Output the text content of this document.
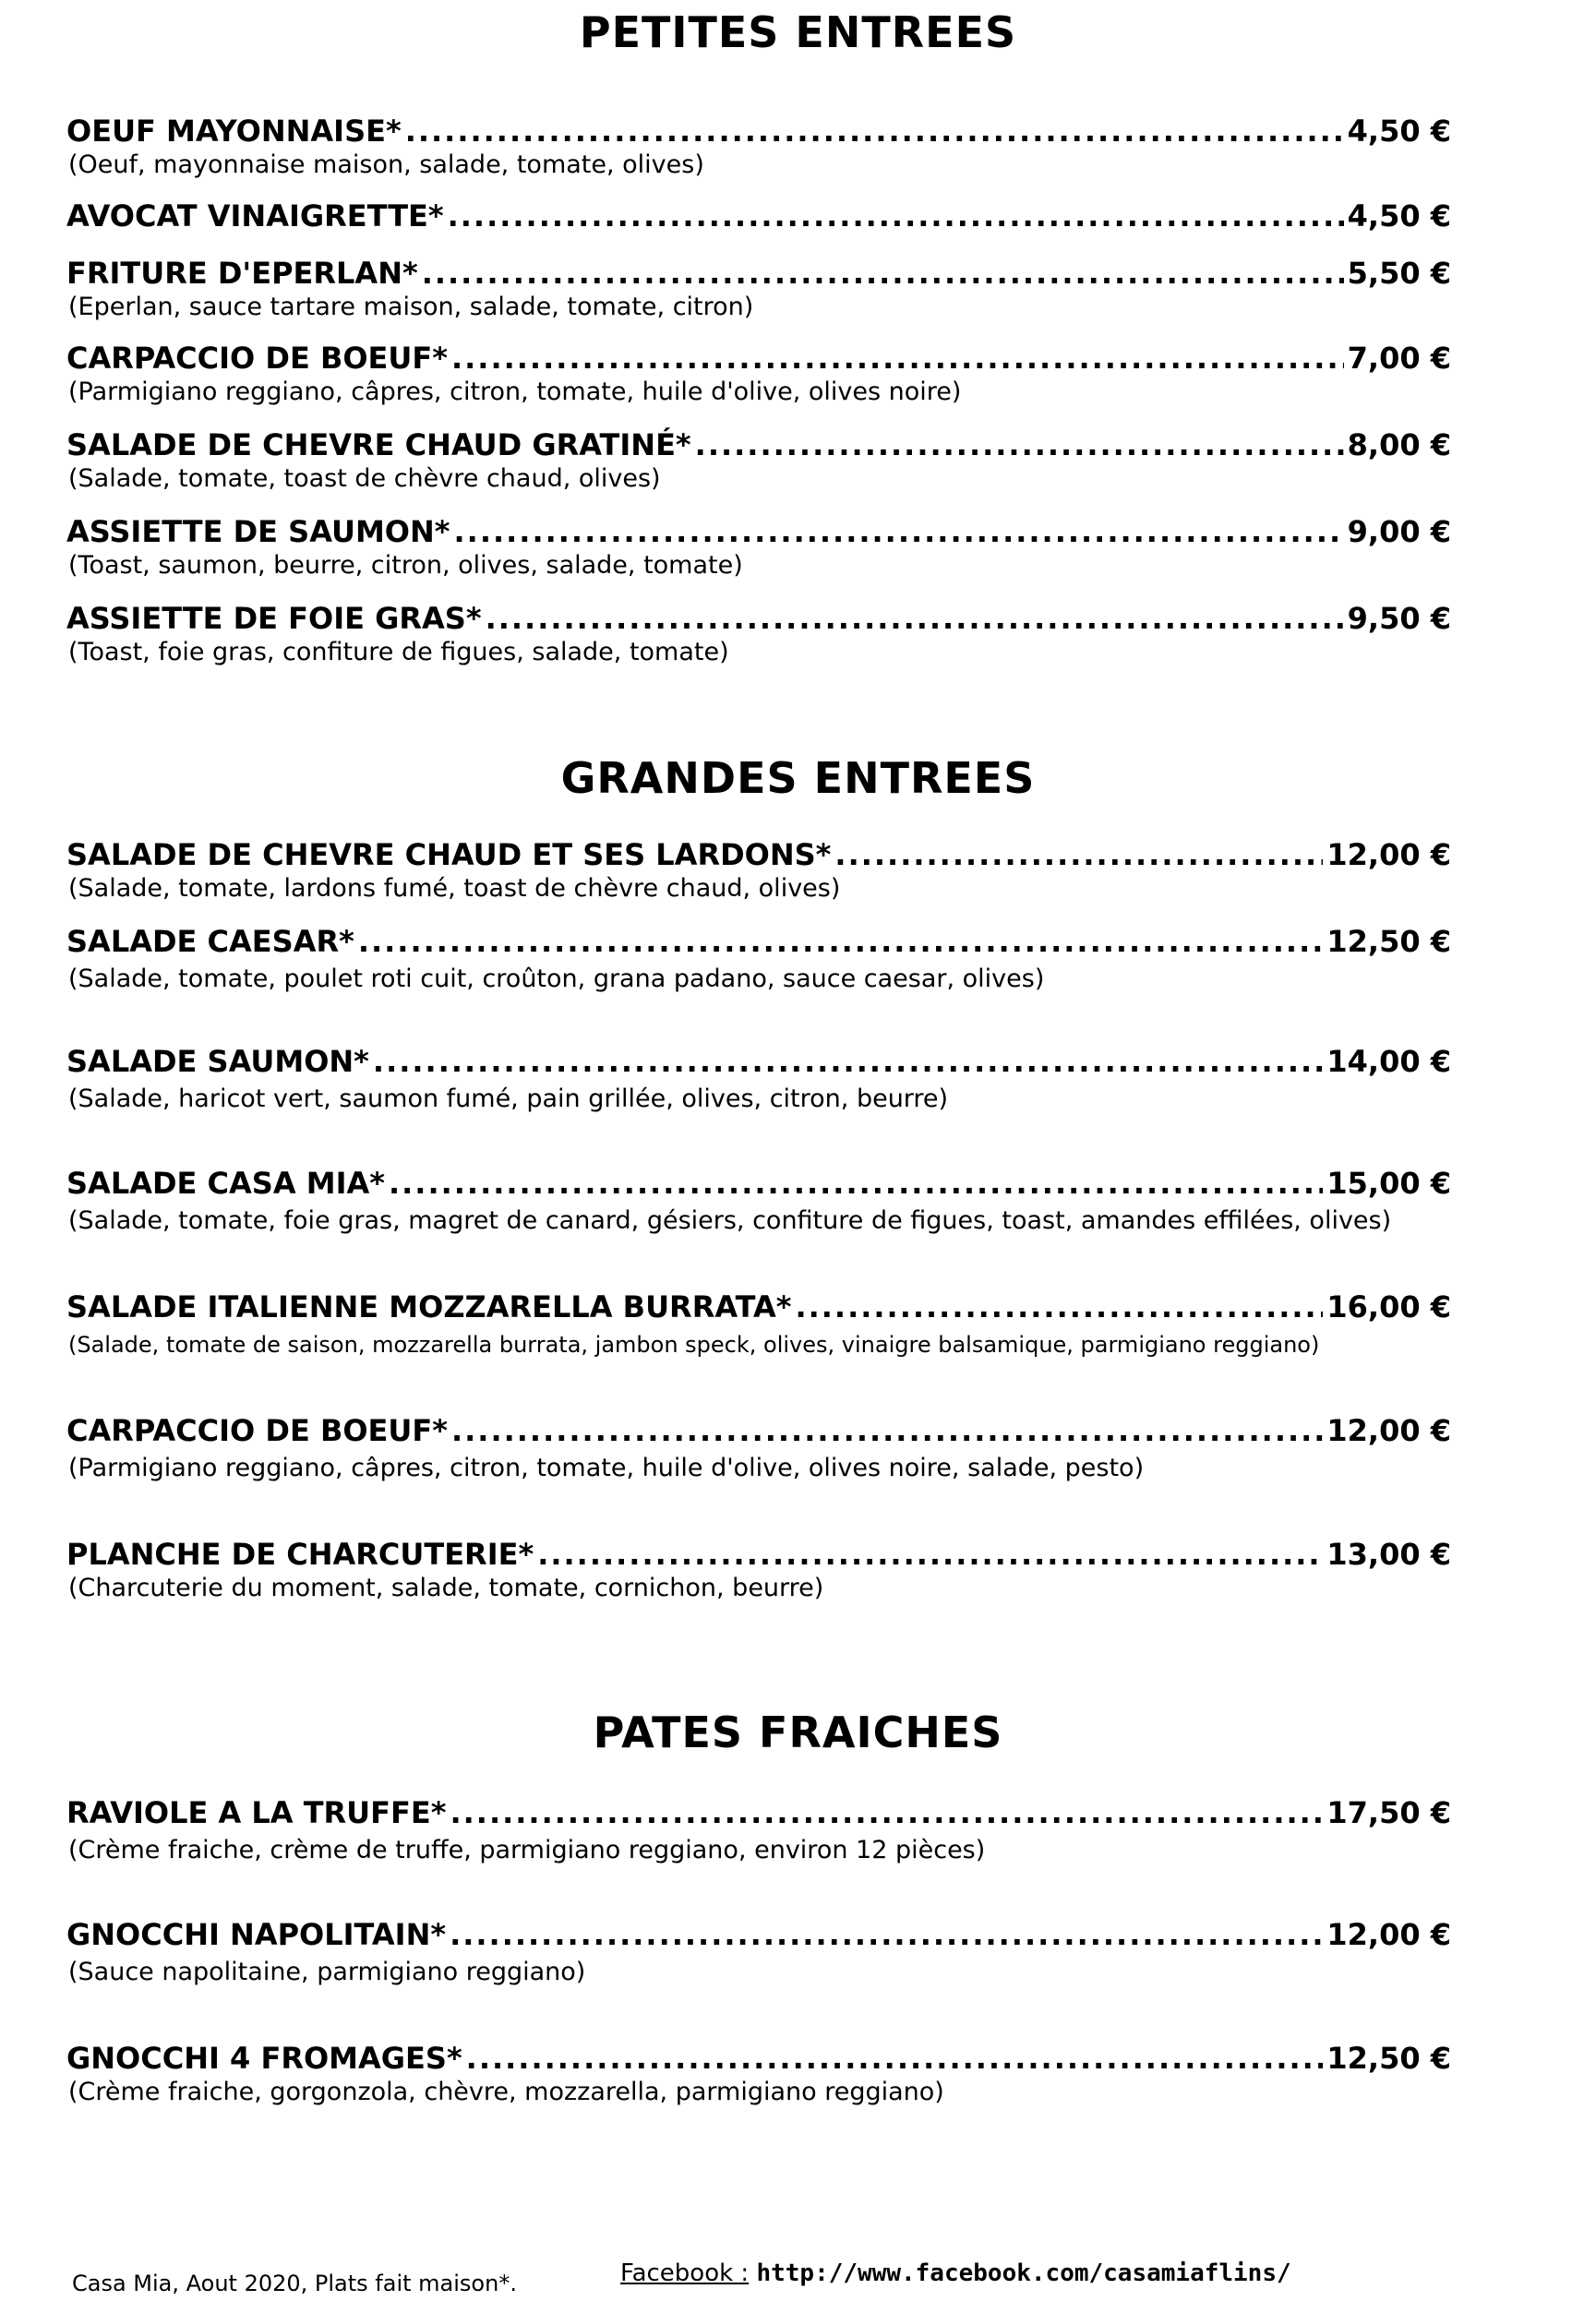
PETITES ENTREES
OEUF MAYONNAISE* .....	4,50 €
(Oeuf, mayonnaise maison, salade, tomate, olives)
AVOCAT VINAIGRETTE* .....	4,50 €
FRITURE D'EPERLAN* .....	5,50 €
(Eperlan, sauce tartare maison, salade, tomate, citron)
CARPACCIO DE BOEUF* .....	7,00 €
(Parmigiano reggiano, câpres, citron, tomate, huile d'olive, olives noire)
SALADE DE CHEVRE CHAUD GRATINÉ* .....	8,00 €
(Salade, tomate, toast de chèvre chaud, olives)
ASSIETTE DE SAUMON* .....	9,00 €
(Toast, saumon, beurre, citron, olives, salade, tomate)
ASSIETTE DE FOIE GRAS* .....	9,50 €
(Toast, foie gras, confiture de figues, salade, tomate)
GRANDES ENTREES
SALADE DE CHEVRE CHAUD ET SES LARDONS* .....	12,00 €
(Salade, tomate, lardons fumé, toast de chèvre chaud, olives)
SALADE CAESAR* .....	12,50 €
(Salade, tomate, poulet roti cuit, croûton, grana padano, sauce caesar, olives)
SALADE SAUMON* .....	14,00 €
(Salade, haricot vert, saumon fumé, pain grillée, olives, citron, beurre)
SALADE CASA MIA* .....	15,00 €
(Salade, tomate, foie gras, magret de canard, gésiers, confiture de figues, toast, amandes effilées, olives)
SALADE ITALIENNE MOZZARELLA BURRATA* .....	16,00 €
(Salade, tomate de saison, mozzarella burrata, jambon speck, olives, vinaigre balsamique, parmigiano reggiano)
CARPACCIO DE BOEUF* .....	12,00 €
(Parmigiano reggiano, câpres, citron, tomate, huile d'olive, olives noire, salade, pesto)
PLANCHE DE CHARCUTERIE* .....	13,00 €
(Charcuterie du moment, salade, tomate, cornichon, beurre)
PATES FRAICHES
RAVIOLE A LA TRUFFE* .....	17,50 €
(Crème fraiche, crème de truffe, parmigiano reggiano, environ 12 pièces)
GNOCCHI NAPOLITAIN* .....	12,00 €
(Sauce napolitaine, parmigiano reggiano)
GNOCCHI 4 FROMAGES* .....	12,50 €
(Crème fraiche, gorgonzola, chèvre, mozzarella, parmigiano reggiano)
Casa Mia, Aout 2020, Plats fait maison*.	Facebook : http://www.facebook.com/casamiaflins/
